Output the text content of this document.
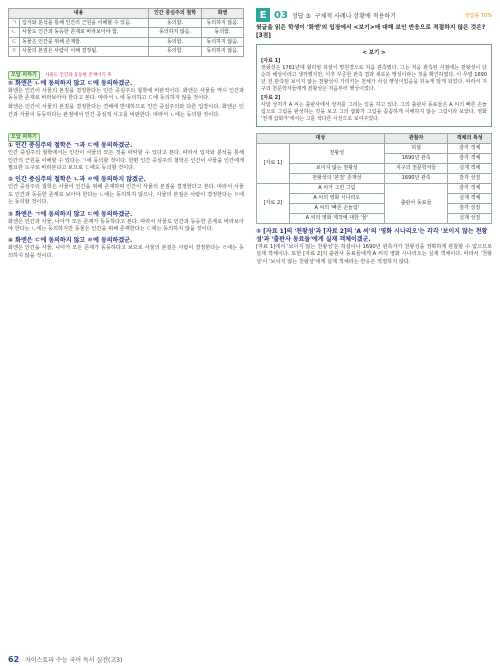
내용		인간 중심주의 철학	화엔
ㄱ	입자와 분석을 통해 인간의 근원을 이해할 수 있음.	동의함.	동의하지 않음.
ㄴ	사물도 인간과 동등한 존재로 바라보아야 함.	동의하지 않음.	동의함.
ㄷ	동물은 인간을 위해 존재함.	동의함.	동의하지 않음.
ㄹ	사물의 본질은 사람이 이해 결정됨.	동의함.	동의하지 않음.
오답 피하기 사물도 인간과 동등한 존재이기 후
⑤ 화엔은 ㄴ에 동의하지 않고 ㄷ에 동의하겠군.
화엔은 인간이 사물의 본질을 결정한다는 인간 중심주의 철학에 비판적이다. 화엔은 사물들 역시 인간과 동등한 존재로 바라보아야 한다고 본다. 따라서 ㄴ에 동의하고 ㄷ에 동의하지 않을 것이다.
화엔은 인간이 사물의 본질을 결정한다는 견해에 반대하므로 인간 중심주의와 다른 입장이다. 화엔은 인간과 사물이 동등하다는 관점에서 인간 중심적 사고를 비판한다. 따라서 ㄴ에는 동의할 것이다.
오답 피하기
① 인간 중심주의 철학은 ㄱ과 ㄷ에 동의하겠군.
인간 중심주의 철학에서는 인간이 사물의 모든 것을 파악할 수 있다고 본다. 따라서 입자와 분석을 통해 인간의 근원을 이해할 수 있다는 ㄱ에 동의할 것이다. 한편 인간 중심주의 철학은 인간이 사물을 인간에게 필요한 도구로 바라본다고 보므로 ㄷ에도 동의할 것이다.
② 인간 중심주의 철학은 ㄴ과 ㄹ에 동의하지 않겠군.
인간 중심주의 철학은 사물이 인간을 위해 존재하며 인간이 사물의 본질을 결정한다고 본다. 따라서 사물도 인간과 동등한 존재로 보아야 한다는 ㄴ에는 동의하지 않으나, 사물의 본질은 사람이 결정한다는 ㄹ에는 동의할 것이다.
③ 화엔은 ㄱ에 동의하지 않고 ㄷ에 동의하겠군.
화엔은 인간과 사물, 나아가 모든 존재가 동등하다고 본다. 따라서 사물도 인간과 동등한 존재로 바라보아야 한다는 ㄴ에는 동의하지만 동물은 인간을 위해 존재한다는 ㄷ에는 동의하지 않을 것이다.
④ 화엔은 ㄷ에 동의하지 않고 ㄹ에 동의하겠군.
화엔은 인간을 사물, 나아가 모든 존재가 동등하다고 보므로 사물의 본질은 사람이 결정한다는 ㄹ에는 동의하지 않을 것이다.
E 03 정답 ③ 구체적 사례나 상황에 적용하기	정답률 70%
윗글을 읽은 학생이 '화엔'의 입장에서 <보기>에 대해 보인 반응으로 적절하지 않은 것은? [3점]
< 보기 >
[자료 1]
천왕성은 1781년에 윌리엄 허셜이 망원경으로 처음 관측했다. 그는 처음 관측된 시점에는 천왕성이 단순히 해성이라고 생각했지만, 이후 꾸준한 관측 결과 새로운 행성이라는 것을 확인하였다. 이 무렵 1690년 전 관측된 보이지 않는 천왕성이 가리키는 천체가 사실 행성이었음을 뒤늦게 알게 되었다. 따라서 지구의 천문학자들에게 천왕성은 처음부터 행성이었다.
[자료 2]
사람 상처가 A 씨는 출판사에서 상처를 그리는 일을 하고 있다. 그의 출판사 동료들은 A 씨의 빠른 손놀림으로 그림을 완성하는 것을 보고 그의 삽화가 그림을 꼼꼼하게 이해하지 않는 그림이라 보았다. 영화 '천재 삽화가'에서는 그를 색다른 시선으로 보여주었다.
대상		관찰자	객체의 특성
[자료 1]	천왕성	허셜	감각 객체
		1690년 관측	감각 객체
	보이지 않는 천왕성	지구의 천문학자들	실재 객체
	천왕성의 '본질' 존재성	1690년 관측	감각 성질
[자료 2]	A 씨가 그린 그림	출판사 동료들	감각 객체
	A 씨의 영화 시나리오		실재 객체
	A 씨의 '빠른 손놀림'		감각 성질
	A 씨의 영화 제작에 대한 '꿈'		실재 성질
③ [자료 1]의 '천왕성'과 [자료 2]의 'A 씨'의 '영화 시나리오'는 각각 '보이지 않는 천왕성'과 '출판사 동료들'에게 실재 객체이겠군.
[자료 1]에서 '보이지 않는 천왕성'은 허셜이나 1690년 관측자가 천왕성을 정확하게 관찰할 수 없으므로 실재 객체이다. 또한 [자료 2]의 출판사 동료들에게 A 씨의 영화 시나리오는 실재 객체이다. 따라서 '천왕성'이 '보이지 않는 천왕성'에게 실재 객체라는 반응은 적절하지 않다.
62 자이스토리 수능 국어 독서 실전(고3)
